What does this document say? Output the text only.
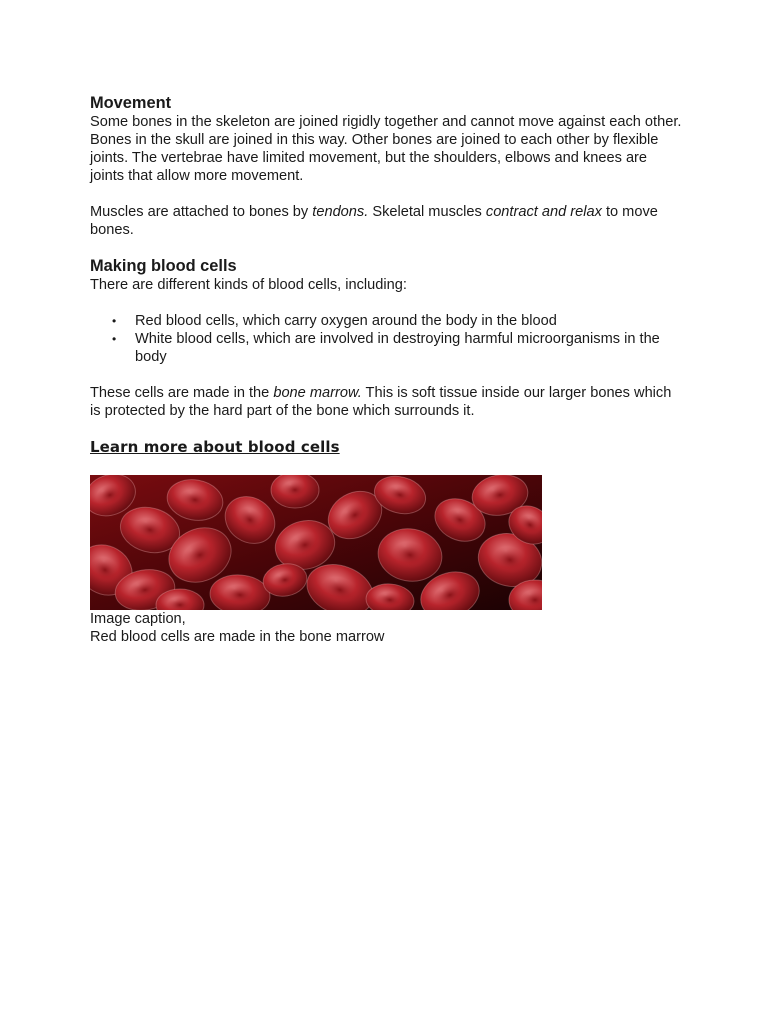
Movement

Some bones in the skeleton are joined rigidly together and cannot move against each other. Bones in the skull are joined in this way. Other bones are joined to each other by flexible joints. The vertebrae have limited movement, but the shoulders, elbows and knees are joints that allow more movement.

Muscles are attached to bones by tendons. Skeletal muscles contract and relax to move bones.

Making blood cells

There are different kinds of blood cells, including:

• Red blood cells, which carry oxygen around the body in the blood
• White blood cells, which are involved in destroying harmful microorganisms in the body

These cells are made in the bone marrow. This is soft tissue inside our larger bones which is protected by the hard part of the bone which surrounds it.

Learn more about blood cells

Image caption,

Red blood cells are made in the bone marrow
